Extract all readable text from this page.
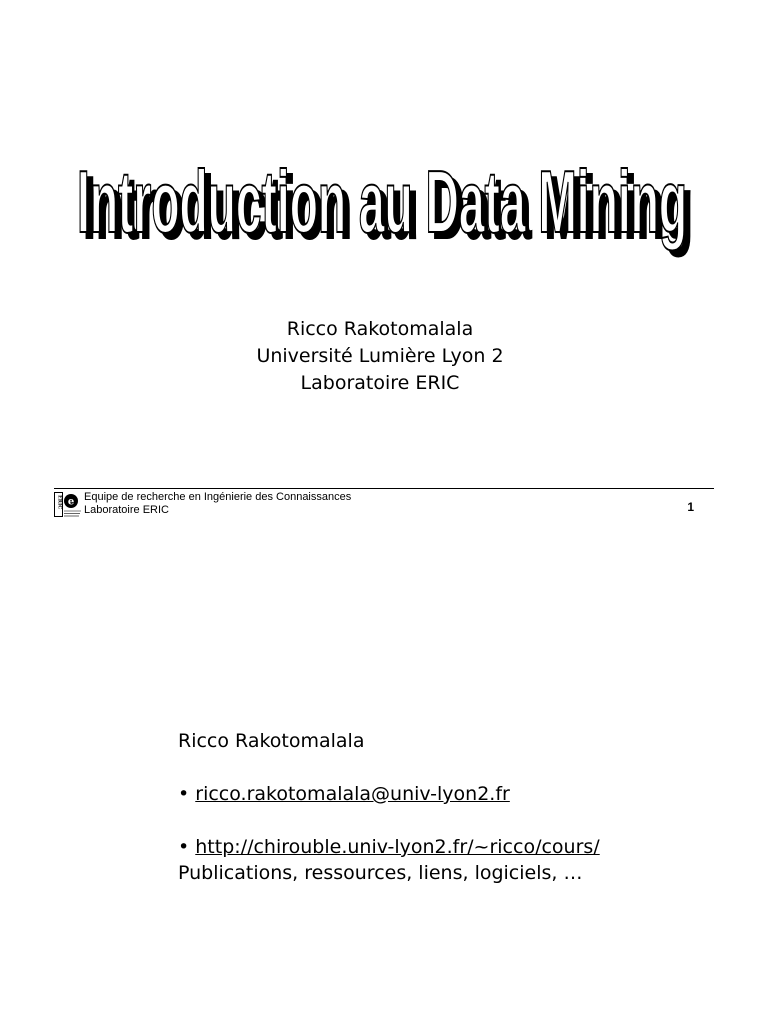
Introduction au Data Mining
Introduction au Data Mining
Ricco Rakotomalala
Université Lumière Lyon 2
Laboratoire ERIC
ERIC e Equipe de recherche en Ingénierie des Connaissances
Laboratoire ERIC	1
Ricco Rakotomalala
• ricco.rakotomalala@univ-lyon2.fr
• http://chirouble.univ-lyon2.fr/~ricco/cours/
Publications, ressources, liens, logiciels, …
